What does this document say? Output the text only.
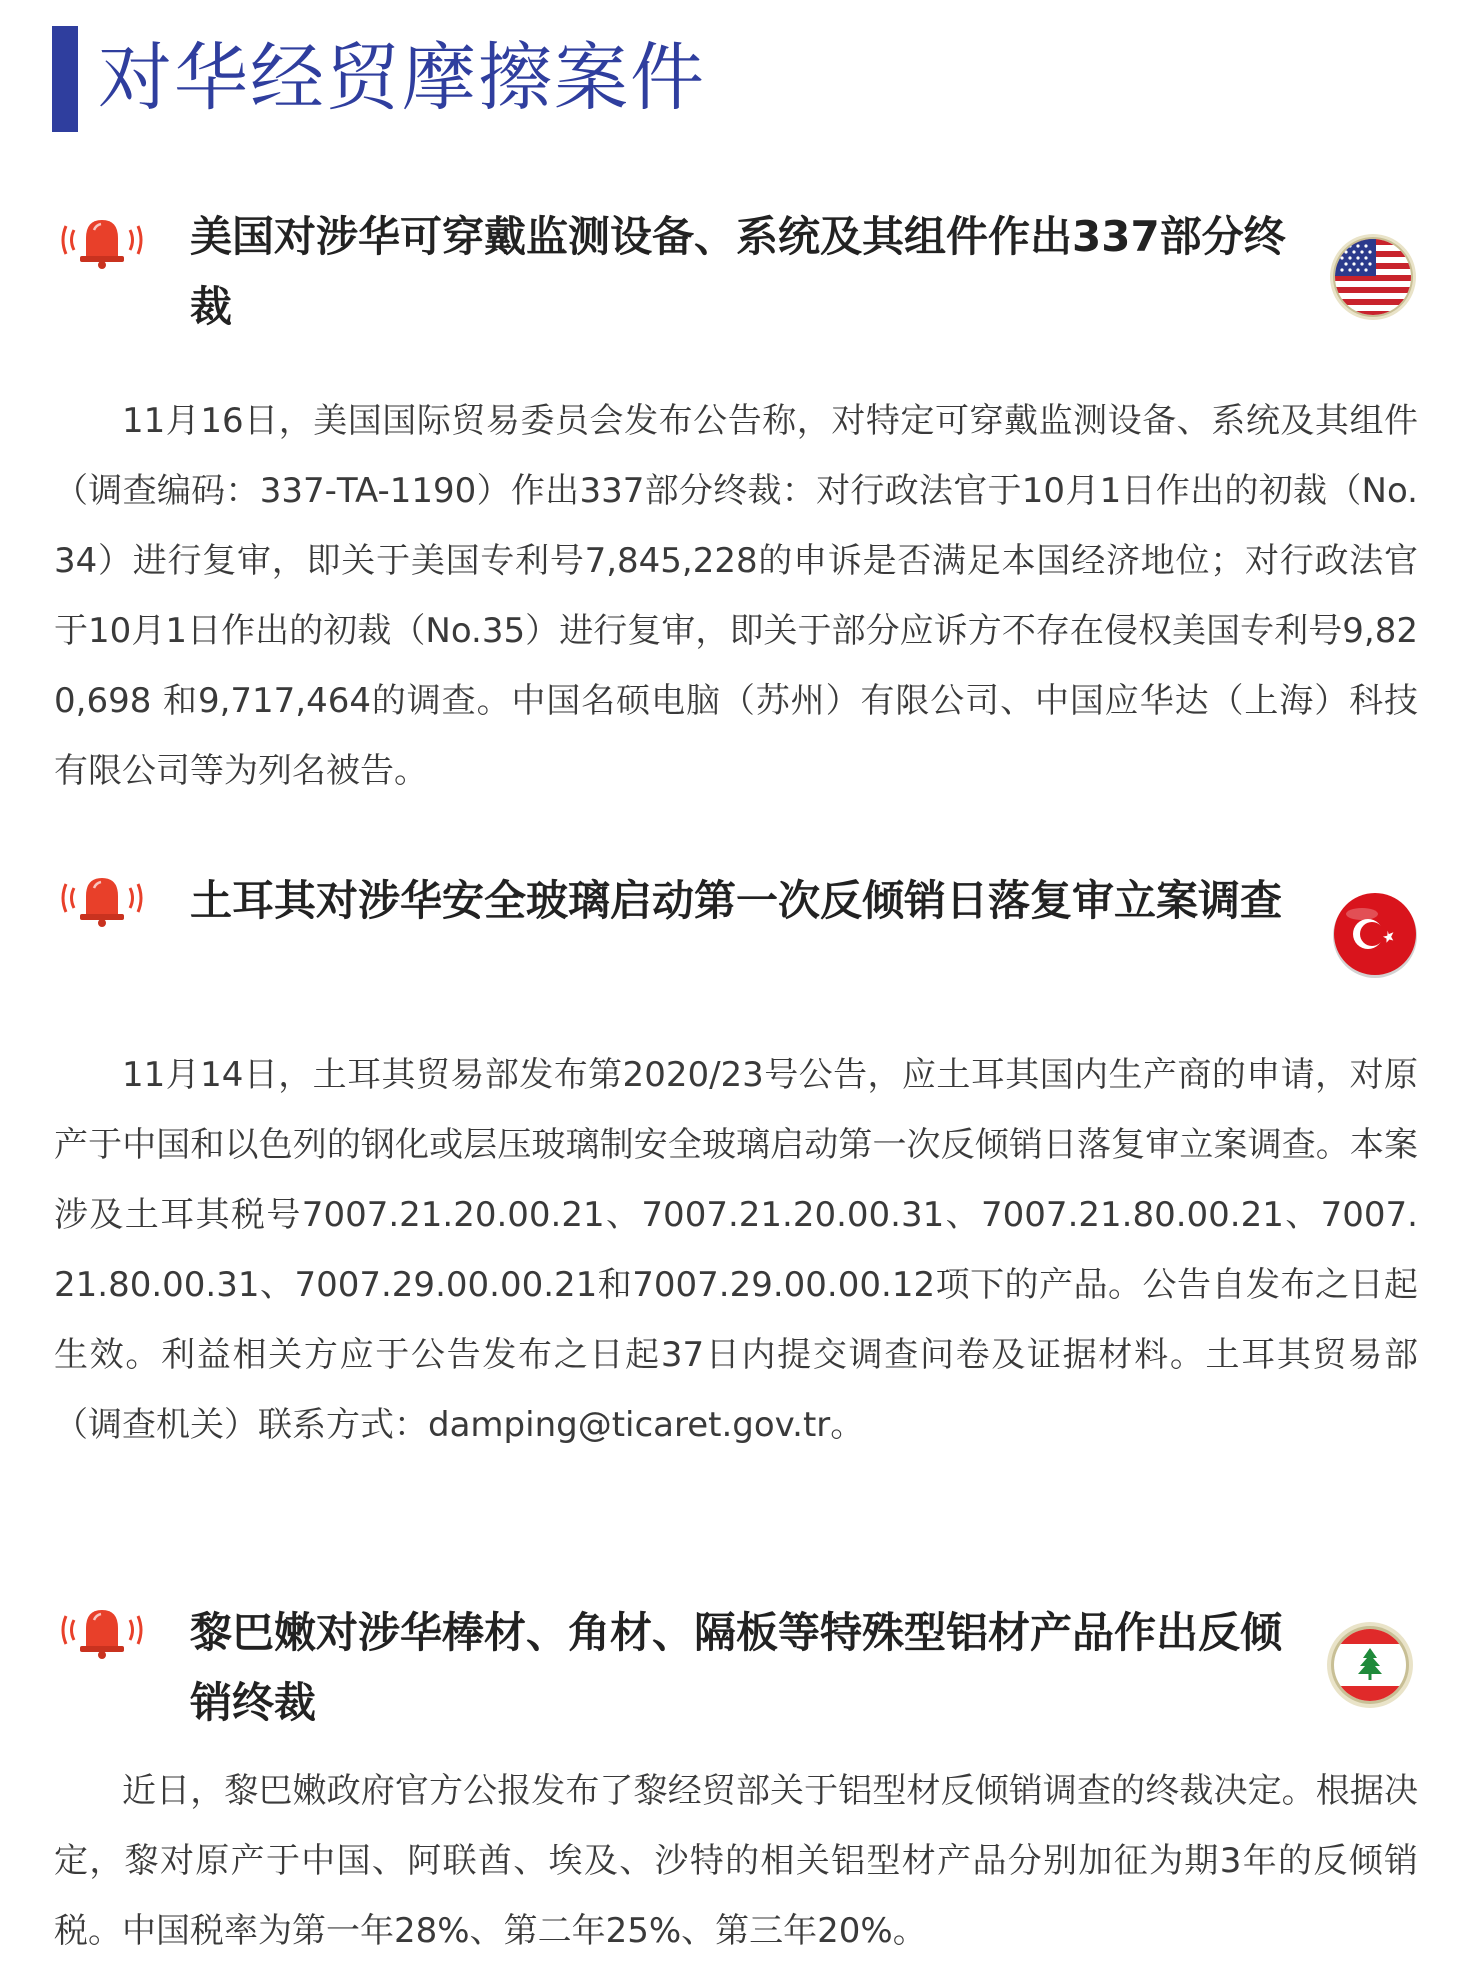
对华经贸摩擦案件
美国对涉华可穿戴监测设备、系统及其组件作出337部分终裁
11月16日，美国国际贸易委员会发布公告称，对特定可穿戴监测设备、系统及其组件（调查编码：337-TA-1190）作出337部分终裁：对行政法官于10月1日作出的初裁（No.34）进行复审，即关于美国专利号7,845,228的申诉是否满足本国经济地位；对行政法官于10月1日作出的初裁（No.35）进行复审，即关于部分应诉方不存在侵权美国专利号9,820,698 和9,717,464的调查。中国名硕电脑（苏州）有限公司、中国应华达（上海）科技有限公司等为列名被告。
土耳其对涉华安全玻璃启动第一次反倾销日落复审立案调查
11月14日，土耳其贸易部发布第2020/23号公告，应土耳其国内生产商的申请，对原产于中国和以色列的钢化或层压玻璃制安全玻璃启动第一次反倾销日落复审立案调查。本案涉及土耳其税号7007.21.20.00.21、7007.21.20.00.31、7007.21.80.00.21、7007.21.80.00.31、7007.29.00.00.21和7007.29.00.00.12项下的产品。公告自发布之日起生效。利益相关方应于公告发布之日起37日内提交调查问卷及证据材料。土耳其贸易部（调查机关）联系方式：damping@ticaret.gov.tr。
黎巴嫩对涉华棒材、角材、隔板等特殊型铝材产品作出反倾销终裁
近日，黎巴嫩政府官方公报发布了黎经贸部关于铝型材反倾销调查的终裁决定。根据决定，黎对原产于中国、阿联酋、埃及、沙特的相关铝型材产品分别加征为期3年的反倾销税。中国税率为第一年28%、第二年25%、第三年20%。
